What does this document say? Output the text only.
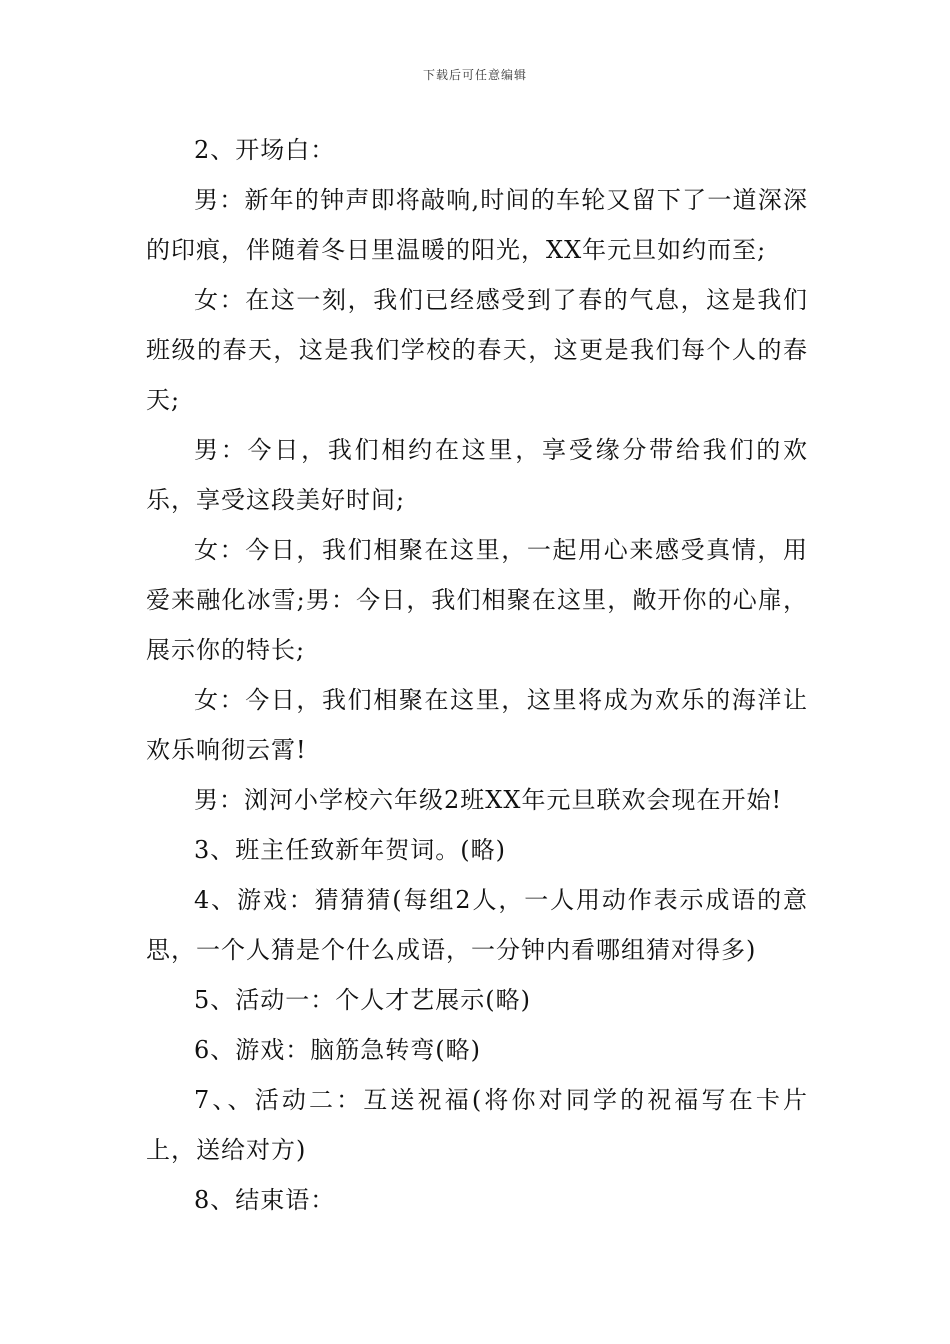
下载后可任意编辑

2、开场白：

男：新年的钟声即将敲响,时间的车轮又留下了一道深深的印痕，伴随着冬日里温暖的阳光，XX年元旦如约而至;

女：在这一刻，我们已经感受到了春的气息，这是我们班级的春天，这是我们学校的春天，这更是我们每个人的春天;

男：今日，我们相约在这里，享受缘分带给我们的欢乐，享受这段美好时间;

女：今日，我们相聚在这里，一起用心来感受真情，用爱来融化冰雪;男：今日，我们相聚在这里，敞开你的心扉，展示你的特长;

女：今日，我们相聚在这里，这里将成为欢乐的海洋让欢乐响彻云霄!

男：浏河小学校六年级2班XX年元旦联欢会现在开始!

3、班主任致新年贺词。(略)

4、游戏：猜猜猜(每组2人，一人用动作表示成语的意思，一个人猜是个什么成语，一分钟内看哪组猜对得多)

5、活动一：个人才艺展示(略)

6、游戏：脑筋急转弯(略)

7、、活动二：互送祝福(将你对同学的祝福写在卡片上，送给对方)

8、结束语：
